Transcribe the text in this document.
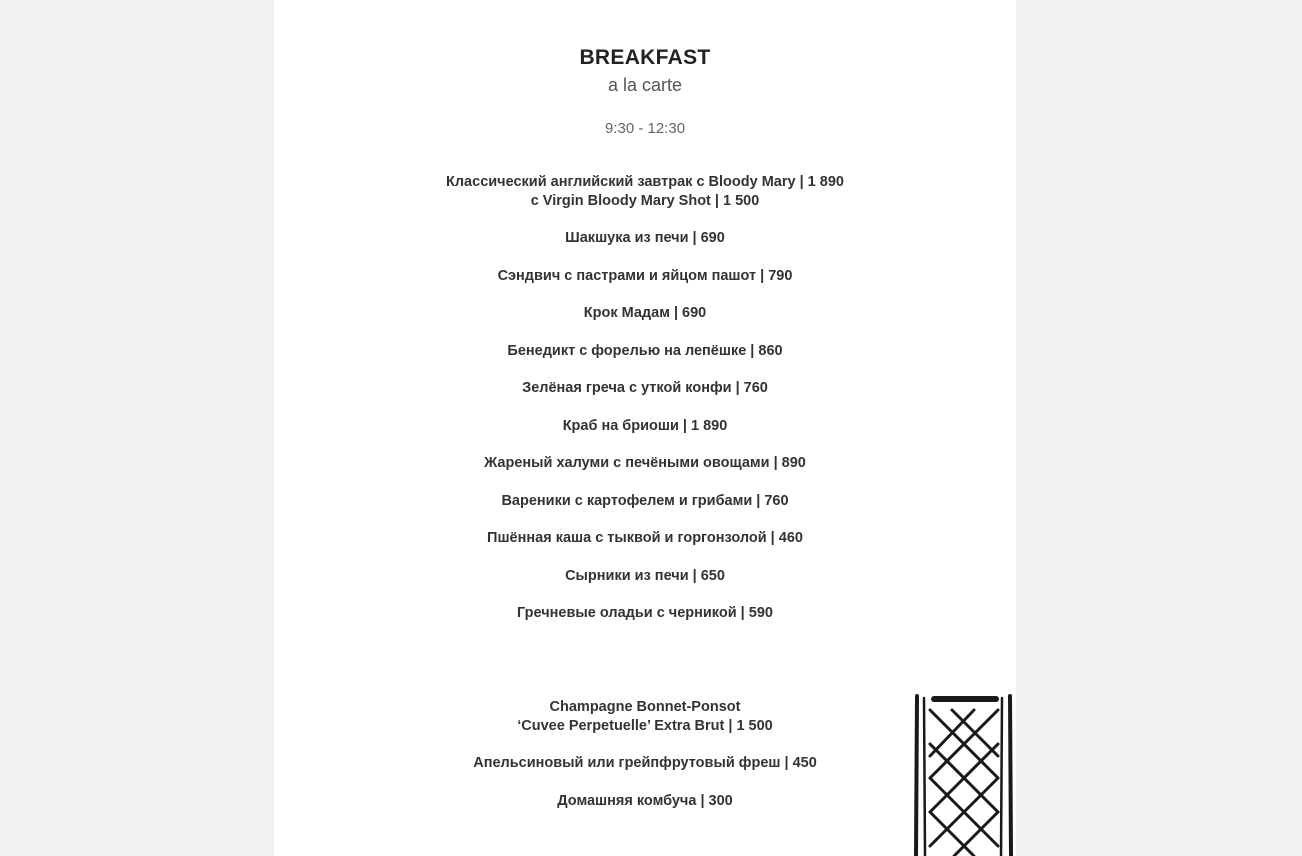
BREAKFAST
a la carte
9:30 - 12:30
Классический английский завтрак с Bloody Mary | 1 890
с Virgin Bloody Mary Shot | 1 500
Шакшука из печи | 690
Сэндвич с пастрами и яйцом пашот | 790
Крок Мадам | 690
Бенедикт с форелью на лепёшке | 860
Зелёная греча с уткой конфи | 760
Краб на бриоши | 1 890
Жареный халуми с печёными овощами | 890
Вареники с картофелем и грибами | 760
Пшённая каша с тыквой и горгонзолой | 460
Сырники из печи | 650
Гречневые оладьи с черникой | 590
Champagne Bonnet-Ponsot
‘Cuvee Perpetuelle’ Extra Brut | 1 500
Апельсиновый или грейпфрутовый фреш | 450
Домашняя комбуча | 300
